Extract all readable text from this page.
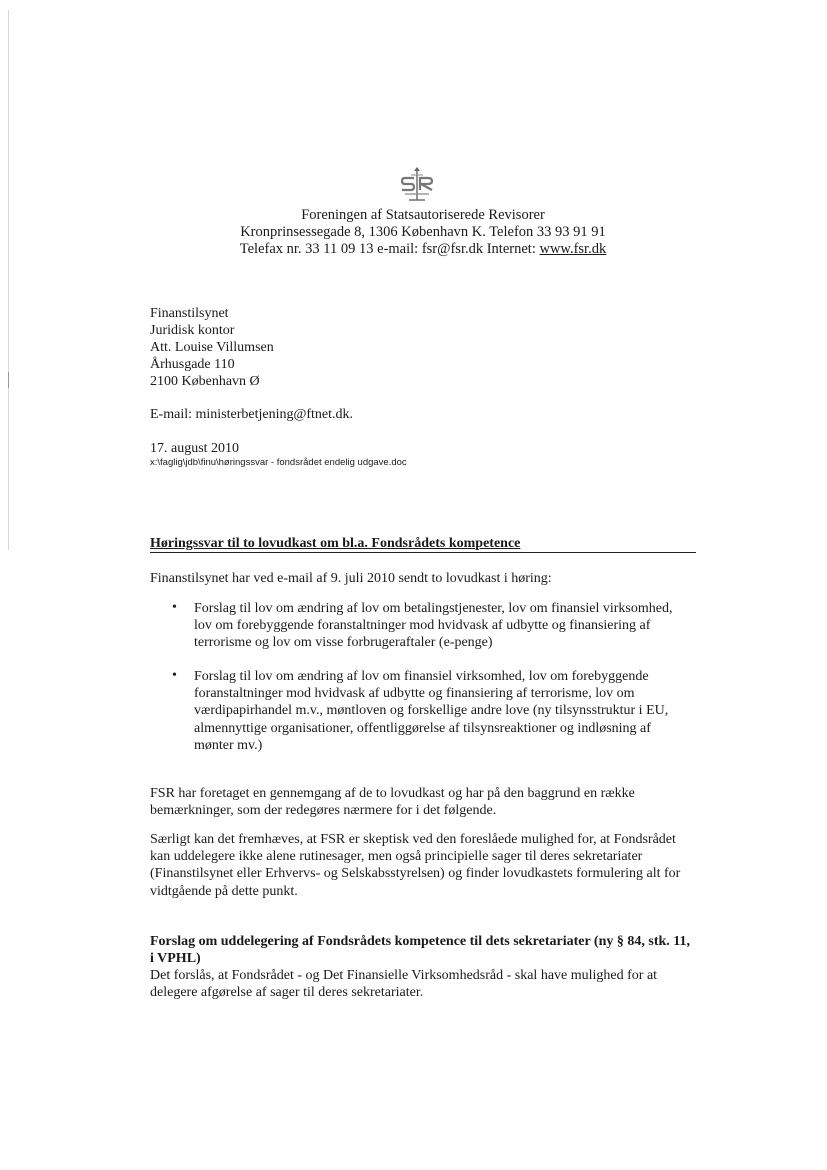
Foreningen af Statsautoriserede Revisorer
Kronprinsessegade 8, 1306 København K. Telefon 33 93 91 91
Telefax nr. 33 11 09 13 e-mail: fsr@fsr.dk Internet: www.fsr.dk
Finanstilsynet
Juridisk kontor
Att. Louise Villumsen
Århusgade 110
2100 København Ø
E-mail: ministerbetjening@ftnet.dk.
17. august 2010
x:\faglig\jdb\finu\høringssvar - fondsrådet endelig udgave.doc
Høringssvar til to lovudkast om bl.a. Fondsrådets kompetence
Finanstilsynet har ved e-mail af 9. juli 2010 sendt to lovudkast i høring:
• Forslag til lov om ændring af lov om betalingstjenester, lov om finansiel virksomhed, lov om forebyggende foranstaltninger mod hvidvask af udbytte og finansiering af terrorisme og lov om visse forbrugeraftaler (e-penge)
• Forslag til lov om ændring af lov om finansiel virksomhed, lov om forebyggende foranstaltninger mod hvidvask af udbytte og finansiering af terrorisme, lov om værdipapirhandel m.v., møntloven og forskellige andre love (ny tilsynsstruktur i EU, almennyttige organisationer, offentliggørelse af tilsynsreaktioner og indløsning af mønter mv.)
FSR har foretaget en gennemgang af de to lovudkast og har på den baggrund en række bemærkninger, som der redegøres nærmere for i det følgende.
Særligt kan det fremhæves, at FSR er skeptisk ved den foreslåede mulighed for, at Fondsrådet kan uddelegere ikke alene rutinesager, men også principielle sager til deres sekretariater (Finanstilsynet eller Erhvervs- og Selskabsstyrelsen) og finder lovudkastets formulering alt for vidtgående på dette punkt.
Forslag om uddelegering af Fondsrådets kompetence til dets sekretariater (ny § 84, stk. 11, i VPHL)
Det forslås, at Fondsrådet - og Det Finansielle Virksomhedsråd - skal have mulighed for at delegere afgørelse af sager til deres sekretariater.
